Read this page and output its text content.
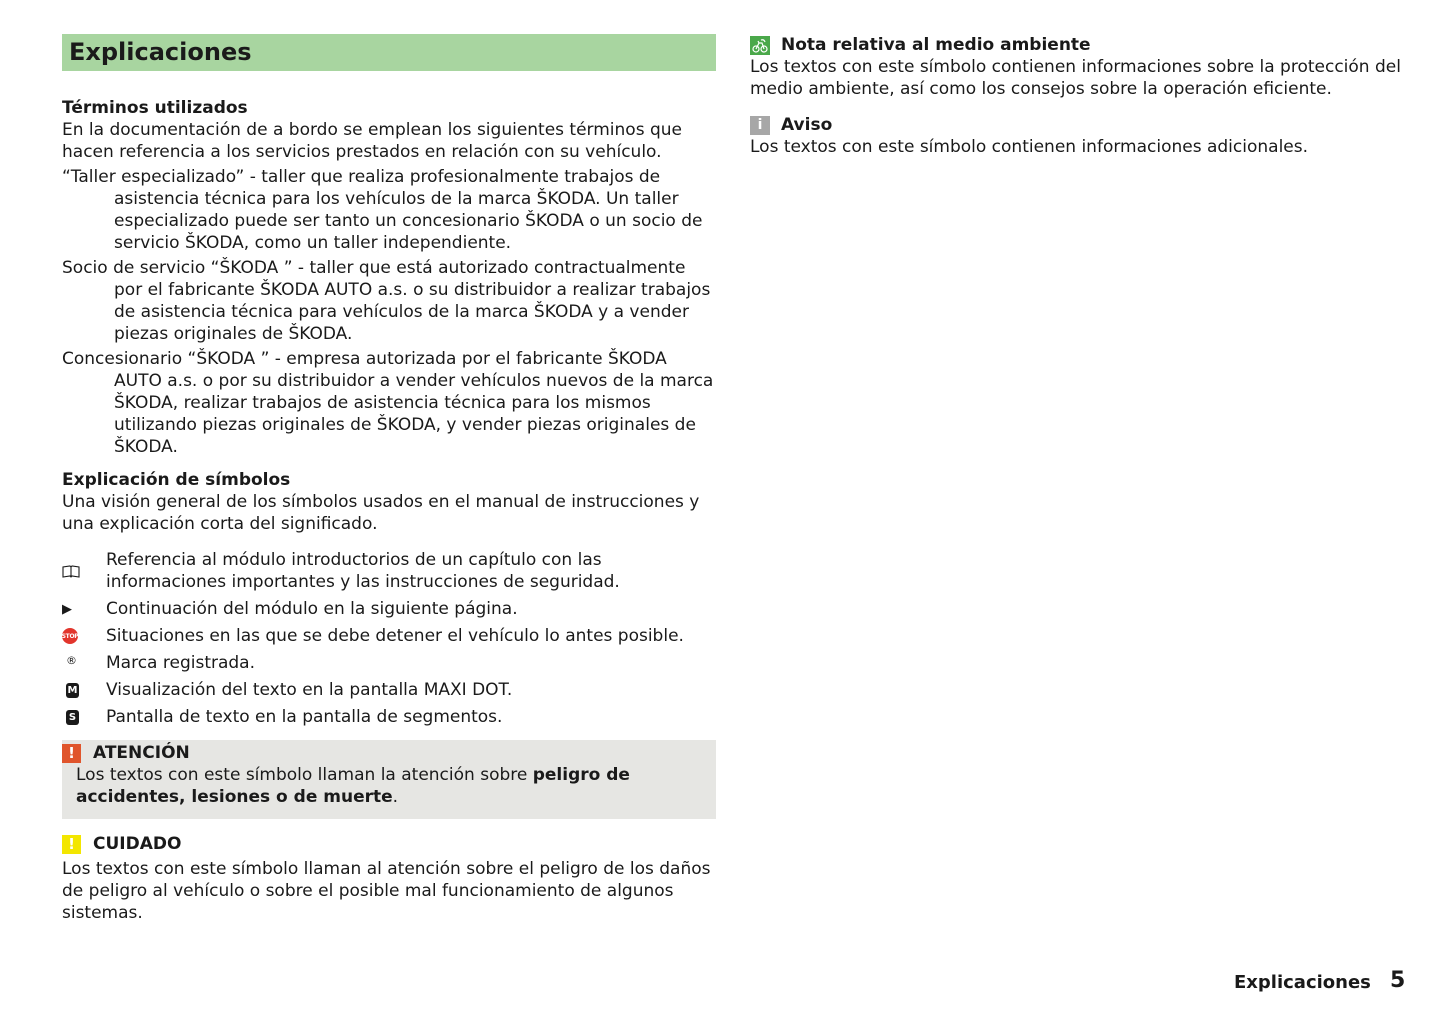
Explicaciones
Términos utilizados

En la documentación de a bordo se emplean los siguientes términos que hacen referencia a los servicios prestados en relación con su vehículo.

“Taller especializado” - taller que realiza profesionalmente trabajos de asistencia técnica para los vehículos de la marca ŠKODA. Un taller especializado puede ser tanto un concesionario ŠKODA o un socio de servicio ŠKODA, como un taller independiente.

Socio de servicio “ŠKODA ” - taller que está autorizado contractualmente por el fabricante ŠKODA AUTO a.s. o su distribuidor a realizar trabajos de asistencia técnica para vehículos de la marca ŠKODA y a vender piezas originales de ŠKODA.

Concesionario “ŠKODA ” - empresa autorizada por el fabricante ŠKODA AUTO a.s. o por su distribuidor a vender vehículos nuevos de la marca ŠKODA, realizar trabajos de asistencia técnica para los mismos utilizando piezas originales de ŠKODA, y vender piezas originales de ŠKODA.

Explicación de símbolos

Una visión general de los símbolos usados en el manual de instrucciones y una explicación corta del significado.

Referencia al módulo introductorios de un capítulo con las informaciones importantes y las instrucciones de seguridad.
▶ Continuación del módulo en la siguiente página.
STOP Situaciones en las que se debe detener el vehículo lo antes posible.
® Marca registrada.
M Visualización del texto en la pantalla MAXI DOT.
S Pantalla de texto en la pantalla de segmentos.
!	ATENCIÓN

Los textos con este símbolo llaman la atención sobre peligro de accidentes, lesiones o de muerte.

!	CUIDADO

Los textos con este símbolo llaman al atención sobre el peligro de los daños de peligro al vehículo o sobre el posible mal funcionamiento de algunos sistemas.

Nota relativa al medio ambiente

Los textos con este símbolo contienen informaciones sobre la protección del medio ambiente, así como los consejos sobre la operación eficiente.

i	Aviso

Los textos con este símbolo contienen informaciones adicionales.

Explicaciones 5
